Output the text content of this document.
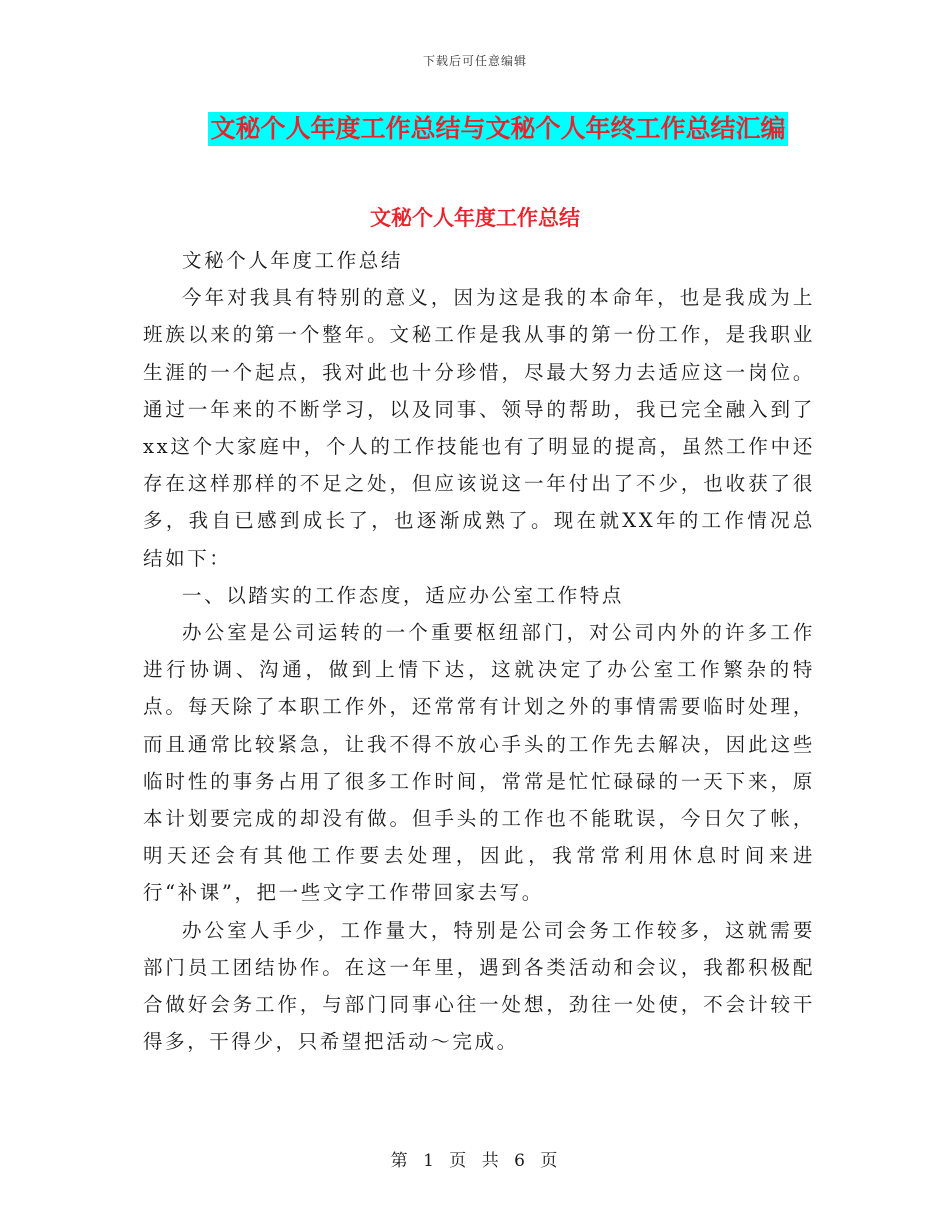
下载后可任意编辑
文秘个人年度工作总结与文秘个人年终工作总结汇编
文秘个人年度工作总结

文秘个人年度工作总结

今年对我具有特别的意义，因为这是我的本命年，也是我成为上班族以来的第一个整年。文秘工作是我从事的第一份工作，是我职业生涯的一个起点，我对此也十分珍惜，尽最大努力去适应这一岗位。通过一年来的不断学习，以及同事、领导的帮助，我已完全融入到了xx这个大家庭中，个人的工作技能也有了明显的提高，虽然工作中还存在这样那样的不足之处，但应该说这一年付出了不少，也收获了很多，我自已感到成长了，也逐渐成熟了。现在就XX年的工作情况总结如下：

一、以踏实的工作态度，适应办公室工作特点

办公室是公司运转的一个重要枢纽部门，对公司内外的许多工作进行协调、沟通，做到上情下达，这就决定了办公室工作繁杂的特点。每天除了本职工作外，还常常有计划之外的事情需要临时处理，而且通常比较紧急，让我不得不放心手头的工作先去解决，因此这些临时性的事务占用了很多工作时间，常常是忙忙碌碌的一天下来，原本计划要完成的却没有做。但手头的工作也不能耽误，今日欠了帐，明天还会有其他工作要去处理，因此，我常常利用休息时间来进行“补课”，把一些文字工作带回家去写。

办公室人手少，工作量大，特别是公司会务工作较多，这就需要部门员工团结协作。在这一年里，遇到各类活动和会议，我都积极配合做好会务工作，与部门同事心往一处想，劲往一处使，不会计较干得多，干得少，只希望把活动～完成。

第 1 页 共 6 页
